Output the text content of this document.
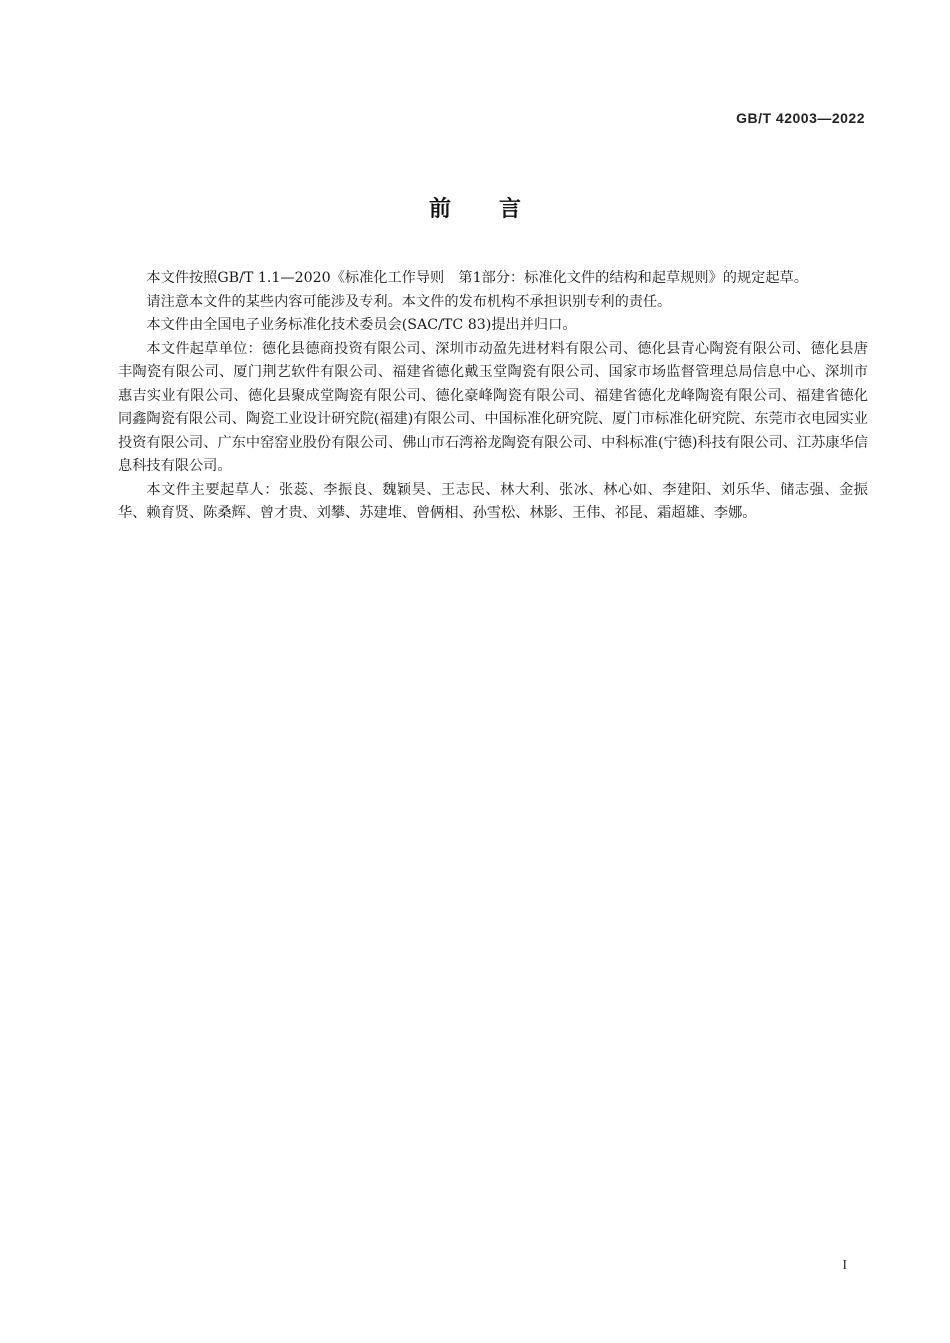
GB/T 42003—2022
前言

本文件按照GB/T 1.1—2020《标准化工作导则　第1部分：标准化文件的结构和起草规则》的规定起草。

请注意本文件的某些内容可能涉及专利。本文件的发布机构不承担识别专利的责任。

本文件由全国电子业务标准化技术委员会(SAC/TC 83)提出并归口。

本文件起草单位：德化县德商投资有限公司、深圳市动盈先进材料有限公司、德化县青心陶瓷有限公司、德化县唐丰陶瓷有限公司、厦门荆艺软件有限公司、福建省德化戴玉堂陶瓷有限公司、国家市场监督管理总局信息中心、深圳市惠吉实业有限公司、德化县聚成堂陶瓷有限公司、德化豪峰陶瓷有限公司、福建省德化龙峰陶瓷有限公司、福建省德化同鑫陶瓷有限公司、陶瓷工业设计研究院(福建)有限公司、中国标准化研究院、厦门市标准化研究院、东莞市衣电园实业投资有限公司、广东中窑窑业股份有限公司、佛山市石湾裕龙陶瓷有限公司、中科标准(宁德)科技有限公司、江苏康华信息科技有限公司。

本文件主要起草人：张蕊、李振良、魏颖昊、王志民、林大利、张冰、林心如、李建阳、刘乐华、储志强、金振华、赖育贤、陈桑辉、曾才贵、刘攀、苏建堆、曾俩相、孙雪松、林影、王伟、祁昆、霜超雄、李娜。

I
